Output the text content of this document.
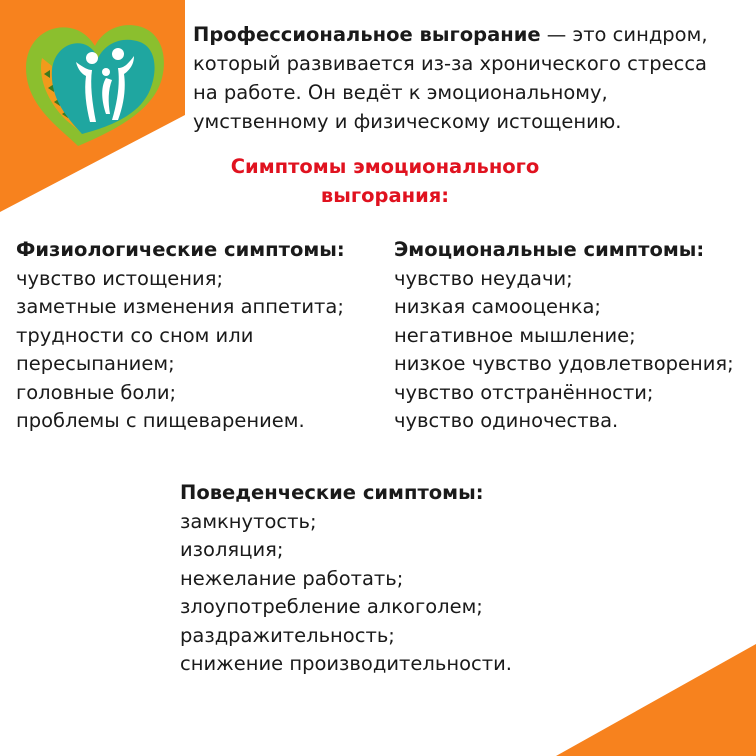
Профессиональное выгорание — это синдром, который развивается из-за хронического стресса на работе. Он ведёт к эмоциональному, умственному и физическому истощению.
Симптомы эмоционального
выгорания:
Физиологические симптомы:
чувство истощения;
заметные изменения аппетита;
трудности со сном или
пересыпанием;
головные боли;
проблемы с пищеварением.
Эмоциональные симптомы:
чувство неудачи;
низкая самооценка;
негативное мышление;
низкое чувство удовлетворения;
чувство отстранённости;
чувство одиночества.
Поведенческие симптомы:
замкнутость;
изоляция;
нежелание работать;
злоупотребление алкоголем;
раздражительность;
снижение производительности.
